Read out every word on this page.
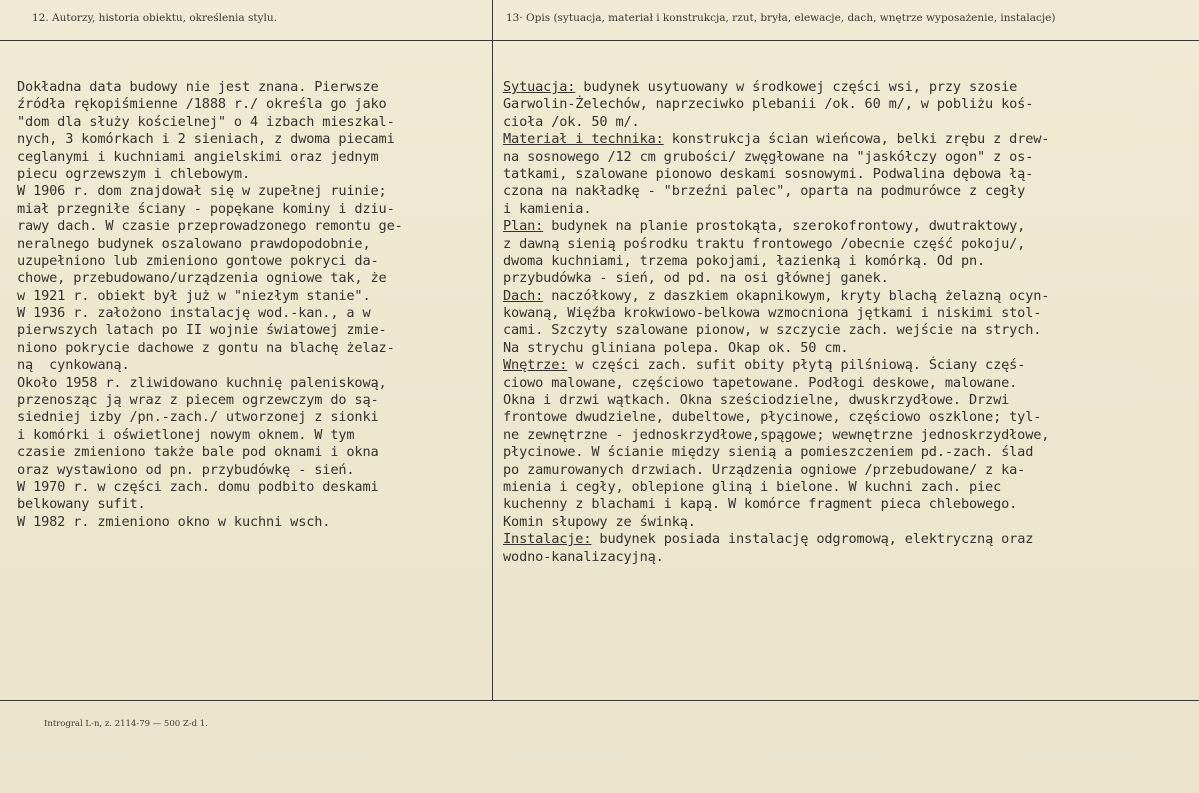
12. Autorzy, historia obiektu, określenia stylu.	13· Opis (sytuacja, materiał i konstrukcja, rzut, bryła, elewacje, dach, wnętrze wyposażenie, instalacje)
Dokładna data budowy nie jest znana. Pierwsze
źródła rękopiśmienne /1888 r./ określa go jako
"dom dla służy kościelnej" o 4 izbach mieszkal-
nych, 3 komórkach i 2 sieniach, z dwoma piecami
ceglanymi i kuchniami angielskimi oraz jednym
piecu ogrzewszym i chlebowym.
W 1906 r. dom znajdował się w zupełnej ruinie;
miał przegniłe ściany - popękane kominy i dziu-
rawy dach. W czasie przeprowadzonego remontu ge-
neralnego budynek oszalowano prawdopodobnie,
uzupełniono lub zmieniono gontowe pokryci da-
chowe, przebudowano/urządzenia ogniowe tak, że
w 1921 r. obiekt był już w "niezłym stanie".
W 1936 r. założono instalację wod.-kan., a w
pierwszych latach po II wojnie światowej zmie-
niono pokrycie dachowe z gontu na blachę żelaz-
ną  cynkowaną.
Około 1958 r. zliwidowano kuchnię paleniskową,
przenosząc ją wraz z piecem ogrzewczym do są-
siedniej izby /pn.-zach./ utworzonej z sionki
i komórki i oświetlonej nowym oknem. W tym
czasie zmieniono także bale pod oknami i okna
oraz wystawiono od pn. przybudówkę - sień.
W 1970 r. w części zach. domu podbito deskami
belkowany sufit.
W 1982 r. zmieniono okno w kuchni wsch.
Sytuacja: budynek usytuowany w środkowej części wsi, przy szosie
Garwolin-Żelechów, naprzeciwko plebanii /ok. 60 m/, w pobliżu koś-
cioła /ok. 50 m/.
Materiał i technika: konstrukcja ścian wieńcowa, belki zrębu z drew-
na sosnowego /12 cm grubości/ zwęgłowane na "jaskółczy ogon" z os-
tatkami, szalowane pionowo deskami sosnowymi. Podwalina dębowa łą-
czona na nakładkę - "brzeźni palec", oparta na podmurówce z cegły
i kamienia.
Plan: budynek na planie prostokąta, szerokofrontowy, dwutraktowy,
z dawną sienią pośrodku traktu frontowego /obecnie część pokoju/,
dwoma kuchniami, trzema pokojami, łazienką i komórką. Od pn.
przybudówka - sień, od pd. na osi głównej ganek.
Dach: naczółkowy, z daszkiem okapnikowym, kryty blachą żelazną ocyn-
kowaną, Więźba krokwiowo-belkowa wzmocniona jętkami i niskimi stol-
cami. Szczyty szalowane pionow, w szczycie zach. wejście na strych.
Na strychu gliniana polepa. Okap ok. 50 cm.
Wnętrze: w części zach. sufit obity płytą pilśniową. Ściany częś-
ciowo malowane, częściowo tapetowane. Podłogi deskowe, malowane.
Okna i drzwi wątkach. Okna sześciodzielne, dwuskrzydłowe. Drzwi
frontowe dwudzielne, dubeltowe, płycinowe, częściowo oszklone; tyl-
ne zewnętrzne - jednoskrzydłowe,spągowe; wewnętrzne jednoskrzydłowe,
płycinowe. W ścianie między sienią a pomieszczeniem pd.-zach. ślad
po zamurowanych drzwiach. Urządzenia ogniowe /przebudowane/ z ka-
mienia i cegły, oblepione gliną i bielone. W kuchni zach. piec
kuchenny z blachami i kapą. W komórce fragment pieca chlebowego.
Komin słupowy ze świnką.
Instalacje: budynek posiada instalację odgromową, elektryczną oraz
wodno-kanalizacyjną.
Introgral L-n, z. 2114-79 — 500 Z-d 1.
